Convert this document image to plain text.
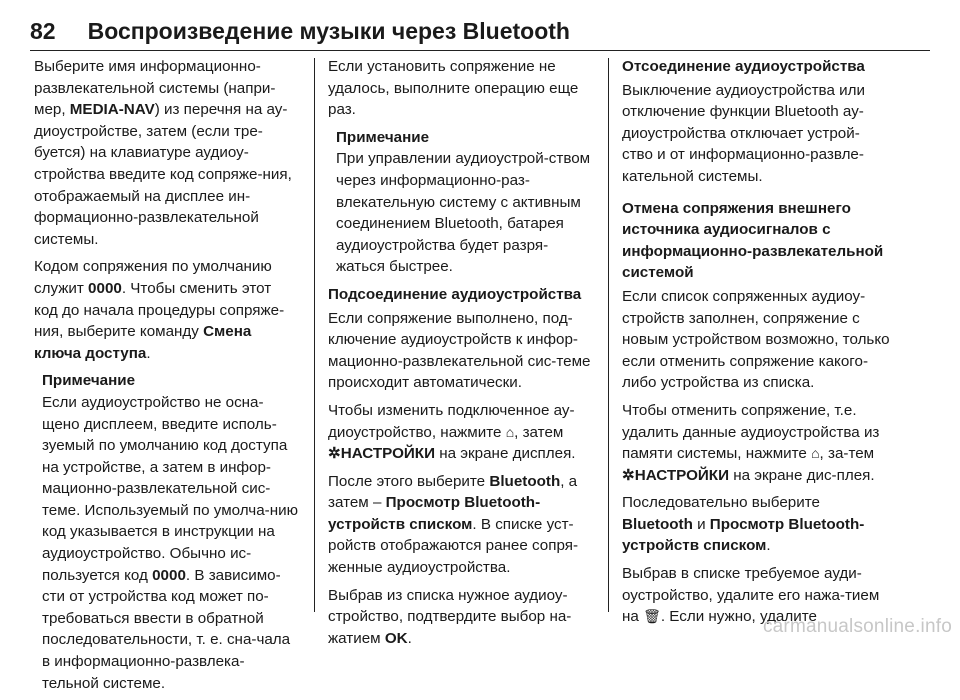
82 Воспроизведение музыки через Bluetooth

Выберите имя информационно-развлекательной системы (напри-мер, MEDIA-NAV) из перечня на ау-диоустройстве, затем (если тре-буется) на клавиатуре аудиоу-стройства введите код сопряже-ния, отображаемый на дисплее ин-формационно-развлекательной системы.

Кодом сопряжения по умолчанию служит 0000. Чтобы сменить этот код до начала процедуры сопряже-ния, выберите команду Смена ключа доступа.

Примечание
Если аудиоустройство не осна-щено дисплеем, введите исполь-зуемый по умолчанию код доступа на устройстве, а затем в инфор-мационно-развлекательной сис-теме. Используемый по умолча-нию код указывается в инструкции на аудиоустройство. Обычно ис-пользуется код 0000. В зависимо-сти от устройства код может по-требоваться ввести в обратной последовательности, т. е. сна-чала в информационно-развлека-тельной системе.

Если установить сопряжение не удалось, выполните операцию еще раз.

Примечание
При управлении аудиоустрой-ством через информационно-раз-влекательную систему с активным соединением Bluetooth, батарея аудиоустройства будет разря-жаться быстрее.
Подсоединение аудиоустройства

Если сопряжение выполнено, под-ключение аудиоустройств к инфор-мационно-развлекательной сис-теме происходит автоматически.

Чтобы изменить подключенное ау-диоустройство, нажмите ⌂, затем ✲НАСТРОЙКИ на экране дисплея.

После этого выберите Bluetooth, а затем – Просмотр Bluetooth-устройств списком. В списке уст-ройств отображаются ранее сопря-женные аудиоустройства.

Выбрав из списка нужное аудиоу-стройство, подтвердите выбор на-жатием OK.

Отсоединение аудиоустройства

Выключение аудиоустройства или отключение функции Bluetooth ау-диоустройства отключает устрой-ство и от информационно-развле-кательной системы.

Отмена сопряжения внешнего источника аудиосигналов с информационно-развлекательной системой

Если список сопряженных аудиоу-стройств заполнен, сопряжение с новым устройством возможно, только если отменить сопряжение какого-либо устройства из списка.

Чтобы отменить сопряжение, т.е. удалить данные аудиоустройства из памяти системы, нажмите ⌂, за-тем ✲НАСТРОЙКИ на экране дис-плея.

Последовательно выберите Bluetooth и Просмотр Bluetooth-устройств списком.

Выбрав в списке требуемое ауди-оустройство, удалите его нажа-тием на 🗑. Если нужно, удалите

carmanualsonline.info
